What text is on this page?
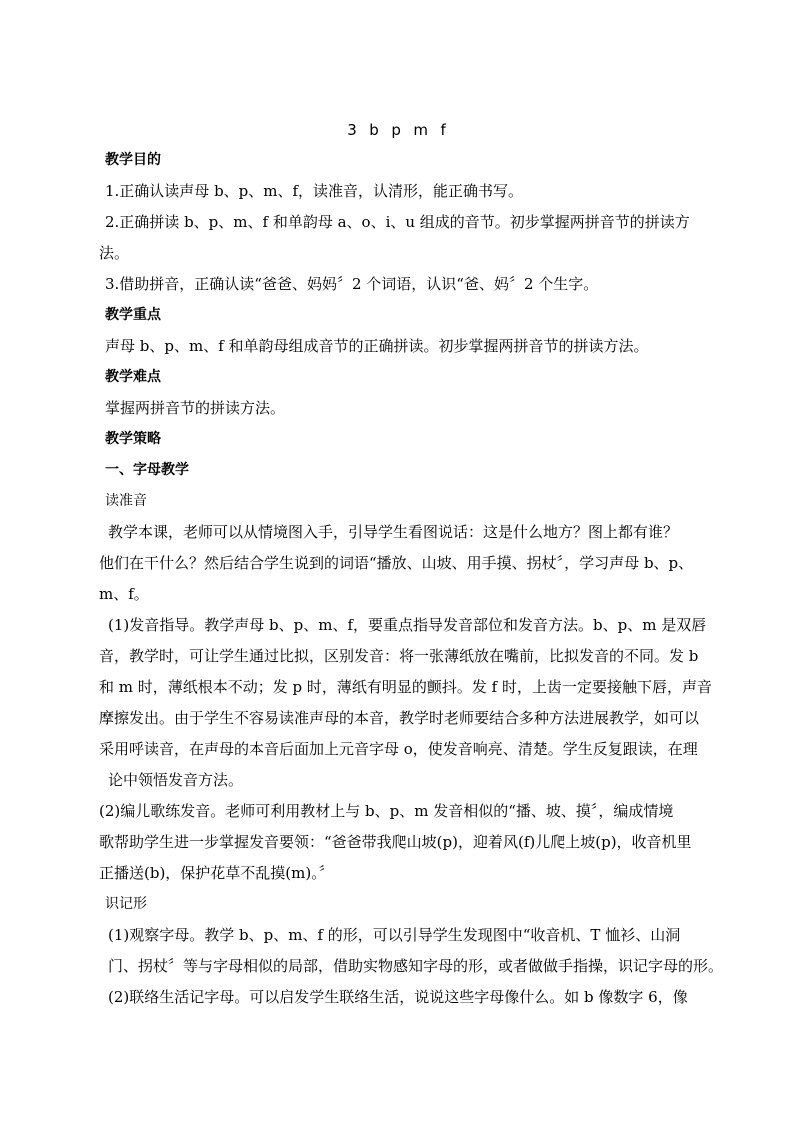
3  b  p  m  f
教学目的
1.正确认读声母 b、p、m、f，读准音，认清形，能正确书写。
2.正确拼读 b、p、m、f 和单韵母 a、o、i、u 组成的音节。初步掌握两拼音节的拼读方
法。
3.借助拼音，正确认读“爸爸、妈妈〞2 个词语，认识“爸、妈〞2 个生字。
教学重点
声母 b、p、m、f 和单韵母组成音节的正确拼读。初步掌握两拼音节的拼读方法。
教学难点
掌握两拼音节的拼读方法。
教学策略
一、字母教学
读准音
教学本课，老师可以从情境图入手，引导学生看图说话：这是什么地方？图上都有谁？
他们在干什么？然后结合学生说到的词语“播放、山坡、用手摸、拐杖〞，学习声母 b、p、
m、f。
(1)发音指导。教学声母 b、p、m、f，要重点指导发音部位和发音方法。b、p、m 是双唇
音，教学时，可让学生通过比拟，区别发音：将一张薄纸放在嘴前，比拟发音的不同。发 b
和 m 时，薄纸根本不动；发 p 时，薄纸有明显的颤抖。发 f 时，上齿一定要接触下唇，声音
摩擦发出。由于学生不容易读准声母的本音，教学时老师要结合多种方法进展教学，如可以
采用呼读音，在声母的本音后面加上元音字母 o，使发音响亮、清楚。学生反复跟读，在理
论中领悟发音方法。
(2)编儿歌练发音。老师可利用教材上与 b、p、m 发音相似的“播、坡、摸〞，编成情境
歌帮助学生进一步掌握发音要领：“爸爸带我爬山坡(p)，迎着风(f)儿爬上坡(p)，收音机里
正播送(b)，保护花草不乱摸(m)。〞
识记形
(1)观察字母。教学 b、p、m、f 的形，可以引导学生发现图中“收音机、T 恤衫、山洞
门、拐杖〞等与字母相似的局部，借助实物感知字母的形，或者做做手指操，识记字母的形。
(2)联络生活记字母。可以启发学生联络生活，说说这些字母像什么。如 b 像数字 6，像
